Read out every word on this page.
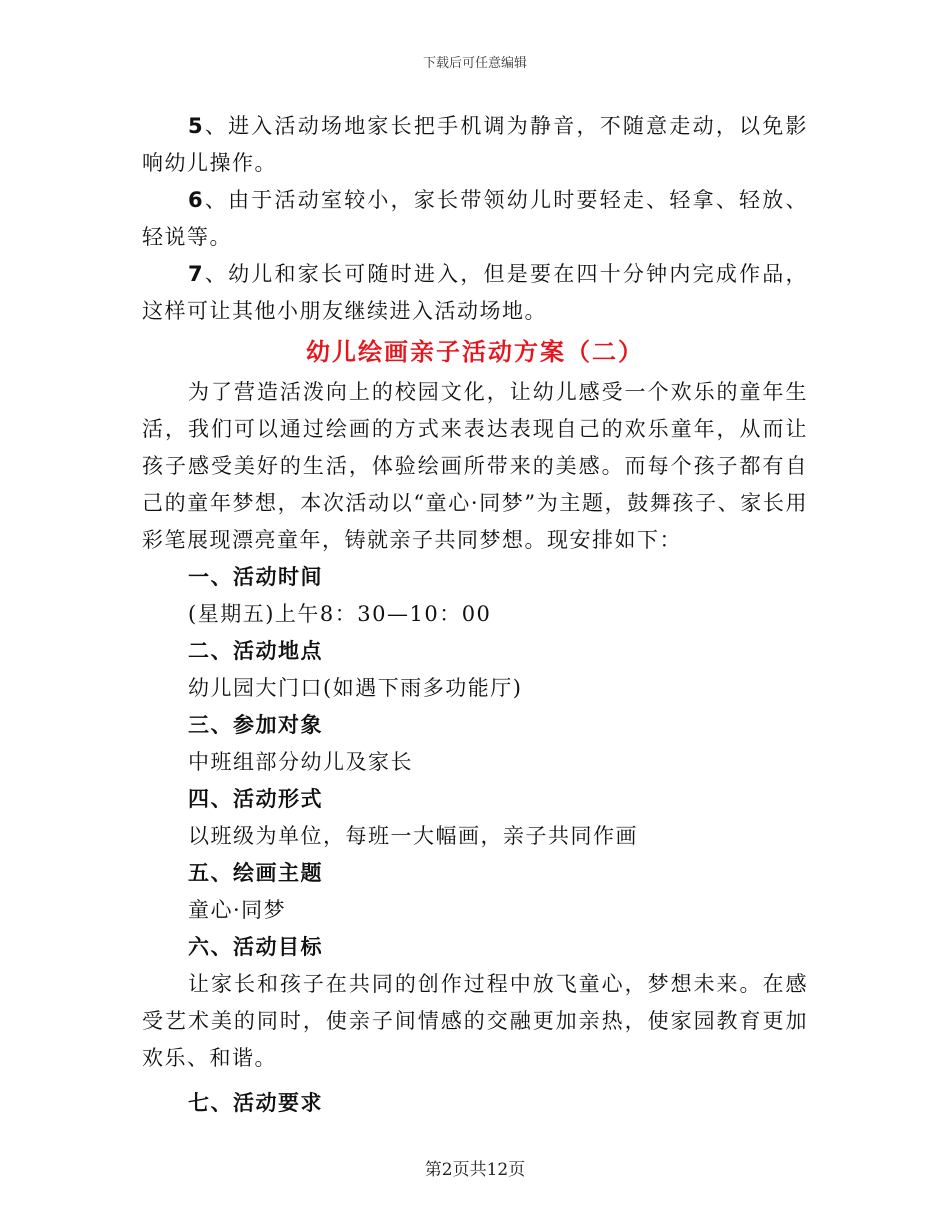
下载后可任意编辑

5、进入活动场地家长把手机调为静音，不随意走动，以免影响幼儿操作。

6、由于活动室较小，家长带领幼儿时要轻走、轻拿、轻放、轻说等。

7、幼儿和家长可随时进入，但是要在四十分钟内完成作品，这样可让其他小朋友继续进入活动场地。

幼儿绘画亲子活动方案（二）

为了营造活泼向上的校园文化，让幼儿感受一个欢乐的童年生活，我们可以通过绘画的方式来表达表现自己的欢乐童年，从而让孩子感受美好的生活，体验绘画所带来的美感。而每个孩子都有自己的童年梦想，本次活动以“童心·同梦”为主题，鼓舞孩子、家长用彩笔展现漂亮童年，铸就亲子共同梦想。现安排如下：

一、活动时间

(星期五)上午8：30—10：00

二、活动地点

幼儿园大门口(如遇下雨多功能厅)

三、参加对象

中班组部分幼儿及家长

四、活动形式

以班级为单位，每班一大幅画，亲子共同作画

五、绘画主题

童心·同梦

六、活动目标

让家长和孩子在共同的创作过程中放飞童心，梦想未来。在感受艺术美的同时，使亲子间情感的交融更加亲热，使家园教育更加欢乐、和谐。

七、活动要求
第2页共12页
